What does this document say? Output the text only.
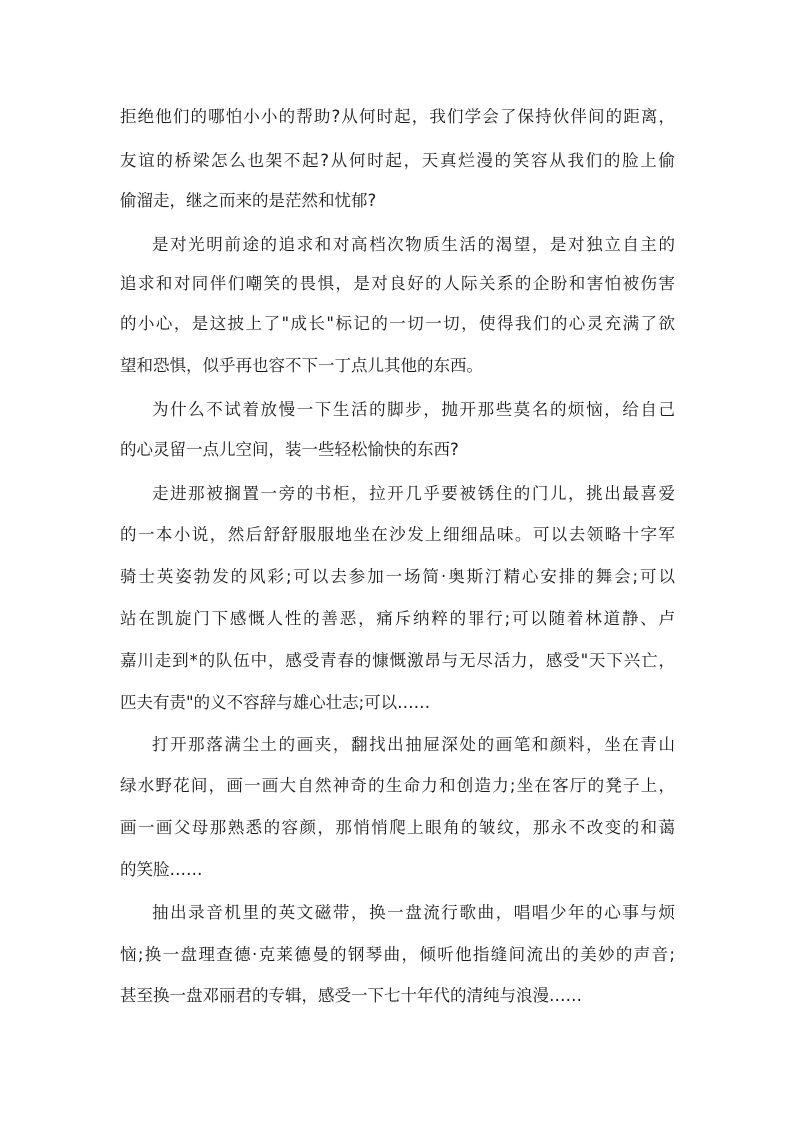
拒绝他们的哪怕小小的帮助?从何时起，我们学会了保持伙伴间的距离，
友谊的桥梁怎么也架不起?从何时起，天真烂漫的笑容从我们的脸上偷
偷溜走，继之而来的是茫然和忧郁?
是对光明前途的追求和对高档次物质生活的渴望，是对独立自主的
追求和对同伴们嘲笑的畏惧，是对良好的人际关系的企盼和害怕被伤害
的小心，是这披上了"成长"标记的一切一切，使得我们的心灵充满了欲
望和恐惧，似乎再也容不下一丁点儿其他的东西。
为什么不试着放慢一下生活的脚步，抛开那些莫名的烦恼，给自己
的心灵留一点儿空间，装一些轻松愉快的东西?
走进那被搁置一旁的书柜，拉开几乎要被锈住的门儿，挑出最喜爱
的一本小说，然后舒舒服服地坐在沙发上细细品味。可以去领略十字军
骑士英姿勃发的风彩;可以去参加一场简·奥斯汀精心安排的舞会;可以
站在凯旋门下感慨人性的善恶，痛斥纳粹的罪行;可以随着林道静、卢
嘉川走到*的队伍中，感受青春的慷慨激昂与无尽活力，感受"天下兴亡，
匹夫有责"的义不容辞与雄心壮志;可以……
打开那落满尘土的画夹，翻找出抽屉深处的画笔和颜料，坐在青山
绿水野花间，画一画大自然神奇的生命力和创造力;坐在客厅的凳子上，
画一画父母那熟悉的容颜，那悄悄爬上眼角的皱纹，那永不改变的和蔼
的笑脸……
抽出录音机里的英文磁带，换一盘流行歌曲，唱唱少年的心事与烦
恼;换一盘理查德·克莱德曼的钢琴曲，倾听他指缝间流出的美妙的声音;
甚至换一盘邓丽君的专辑，感受一下七十年代的清纯与浪漫……
